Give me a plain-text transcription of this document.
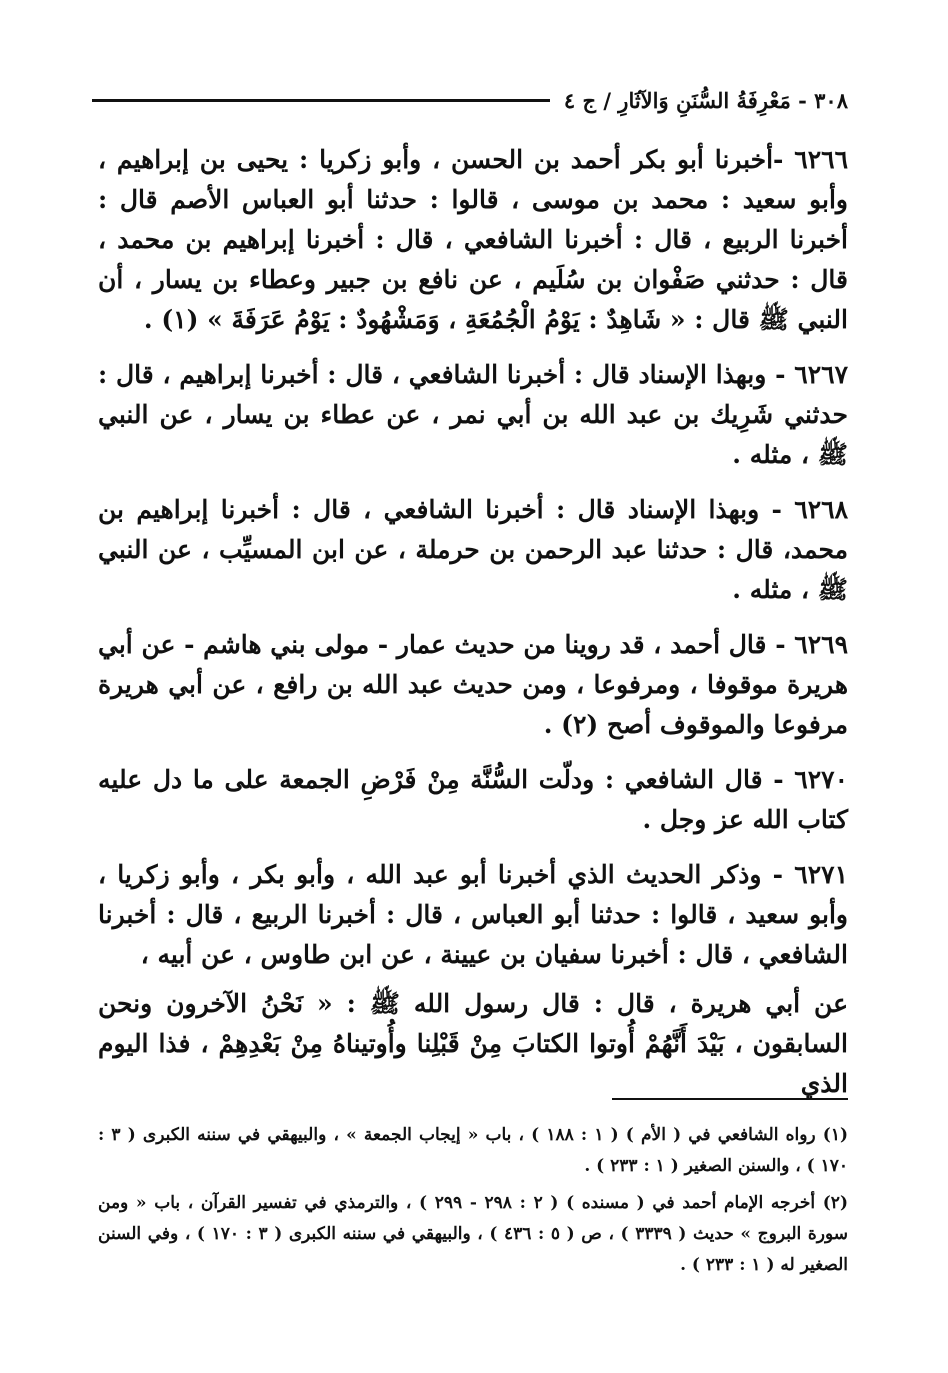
٣٠٨ - مَعْرِفَةُ السُّنَنِ وَالآثَارِ / ج ٤

٦٢٦٦ -أخبرنا أبو بكر أحمد بن الحسن ، وأبو زكريا : يحيى بن إبراهيم ، وأبو سعيد : محمد بن موسى ، قالوا : حدثنا أبو العباس الأصم قال : أخبرنا الربيع ، قال : أخبرنا الشافعي ، قال : أخبرنا إبراهيم بن محمد ، قال : حدثني صَفْوان بن سُلَيم ، عن نافع بن جبير وعطاء بن يسار ، أن النبي ﷺ قال : « شَاهِدٌ : يَوْمُ الْجُمُعَةِ ، وَمَشْهُودٌ : يَوْمُ عَرَفَةَ » (١) .

٦٢٦٧ - وبهذا الإسناد قال : أخبرنا الشافعي ، قال : أخبرنا إبراهيم ، قال : حدثني شَرِيك بن عبد الله بن أبي نمر ، عن عطاء بن يسار ، عن النبي ﷺ ، مثله .

٦٢٦٨ - وبهذا الإسناد قال : أخبرنا الشافعي ، قال : أخبرنا إبراهيم بن محمد، قال : حدثنا عبد الرحمن بن حرملة ، عن ابن المسيِّب ، عن النبي ﷺ ، مثله .

٦٢٦٩ - قال أحمد ، قد روينا من حديث عمار - مولى بني هاشم - عن أبي هريرة موقوفا ، ومرفوعا ، ومن حديث عبد الله بن رافع ، عن أبي هريرة مرفوعا والموقوف أصح (٢) .

٦٢٧٠ - قال الشافعي : ودلّت السُّنَّة مِنْ فَرْضِ الجمعة على ما دل عليه كتاب الله عز وجل .

٦٢٧١ - وذكر الحديث الذي أخبرنا أبو عبد الله ، وأبو بكر ، وأبو زكريا ، وأبو سعيد ، قالوا : حدثنا أبو العباس ، قال : أخبرنا الربيع ، قال : أخبرنا الشافعي ، قال : أخبرنا سفيان بن عيينة ، عن ابن طاوس ، عن أبيه ،

عن أبي هريرة ، قال : قال رسول الله ﷺ : « نَحْنُ الآخرون ونحن السابقون ، بَيْدَ أَنَّهُمْ أُوتوا الكتابَ مِنْ قَبْلِنا وأُوتيناهُ مِنْ بَعْدِهِمْ ، فذا اليوم الذي

(١) رواه الشافعي في ( الأم ) ( ١ : ١٨٨ ) ، باب « إيجاب الجمعة » ، والبيهقي في سننه الكبرى ( ٣ : ١٧٠ ) ، والسنن الصغير ( ١ : ٢٣٣ ) .

(٢) أخرجه الإمام أحمد في ( مسنده ) ( ٢ : ٢٩٨ - ٢٩٩ ) ، والترمذي في تفسير القرآن ، باب « ومن سورة البروج » حديث ( ٣٣٣٩ ) ، ص ( ٥ : ٤٣٦ ) ، والبيهقي في سننه الكبرى ( ٣ : ١٧٠ ) ، وفي السنن الصغير له ( ١ : ٢٣٣ ) .
